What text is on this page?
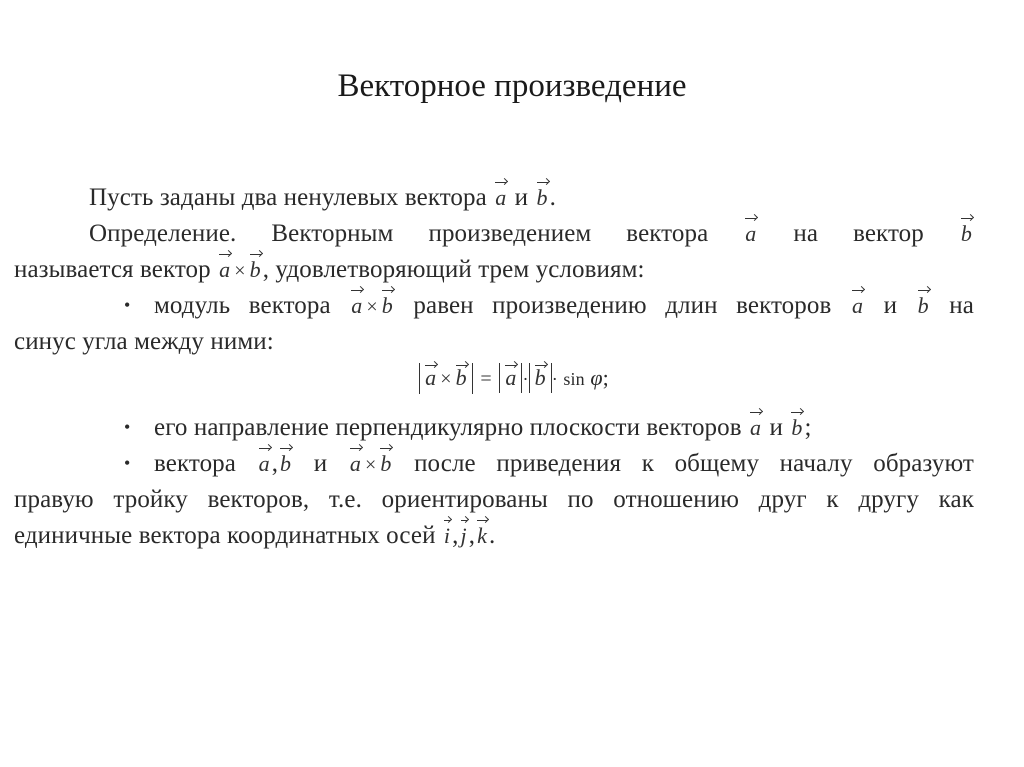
Векторное произведение
Пусть заданы два ненулевых вектора a и b.
Определение. Векторным произведением вектора a на вектор b
называется вектор a × b, удовлетворяющий трем условиям:
• модуль вектора a × b равен произведению длин векторов a и b на
синус угла между ними:
a × b = a · b · sin φ;
• его направление перпендикулярно плоскости векторов a и b;
• вектора a,b и a × b после приведения к общему началу образуют
правую тройку векторов, т.е. ориентированы по отношению друг к другу как
единичные вектора координатных осей i,j,k.
